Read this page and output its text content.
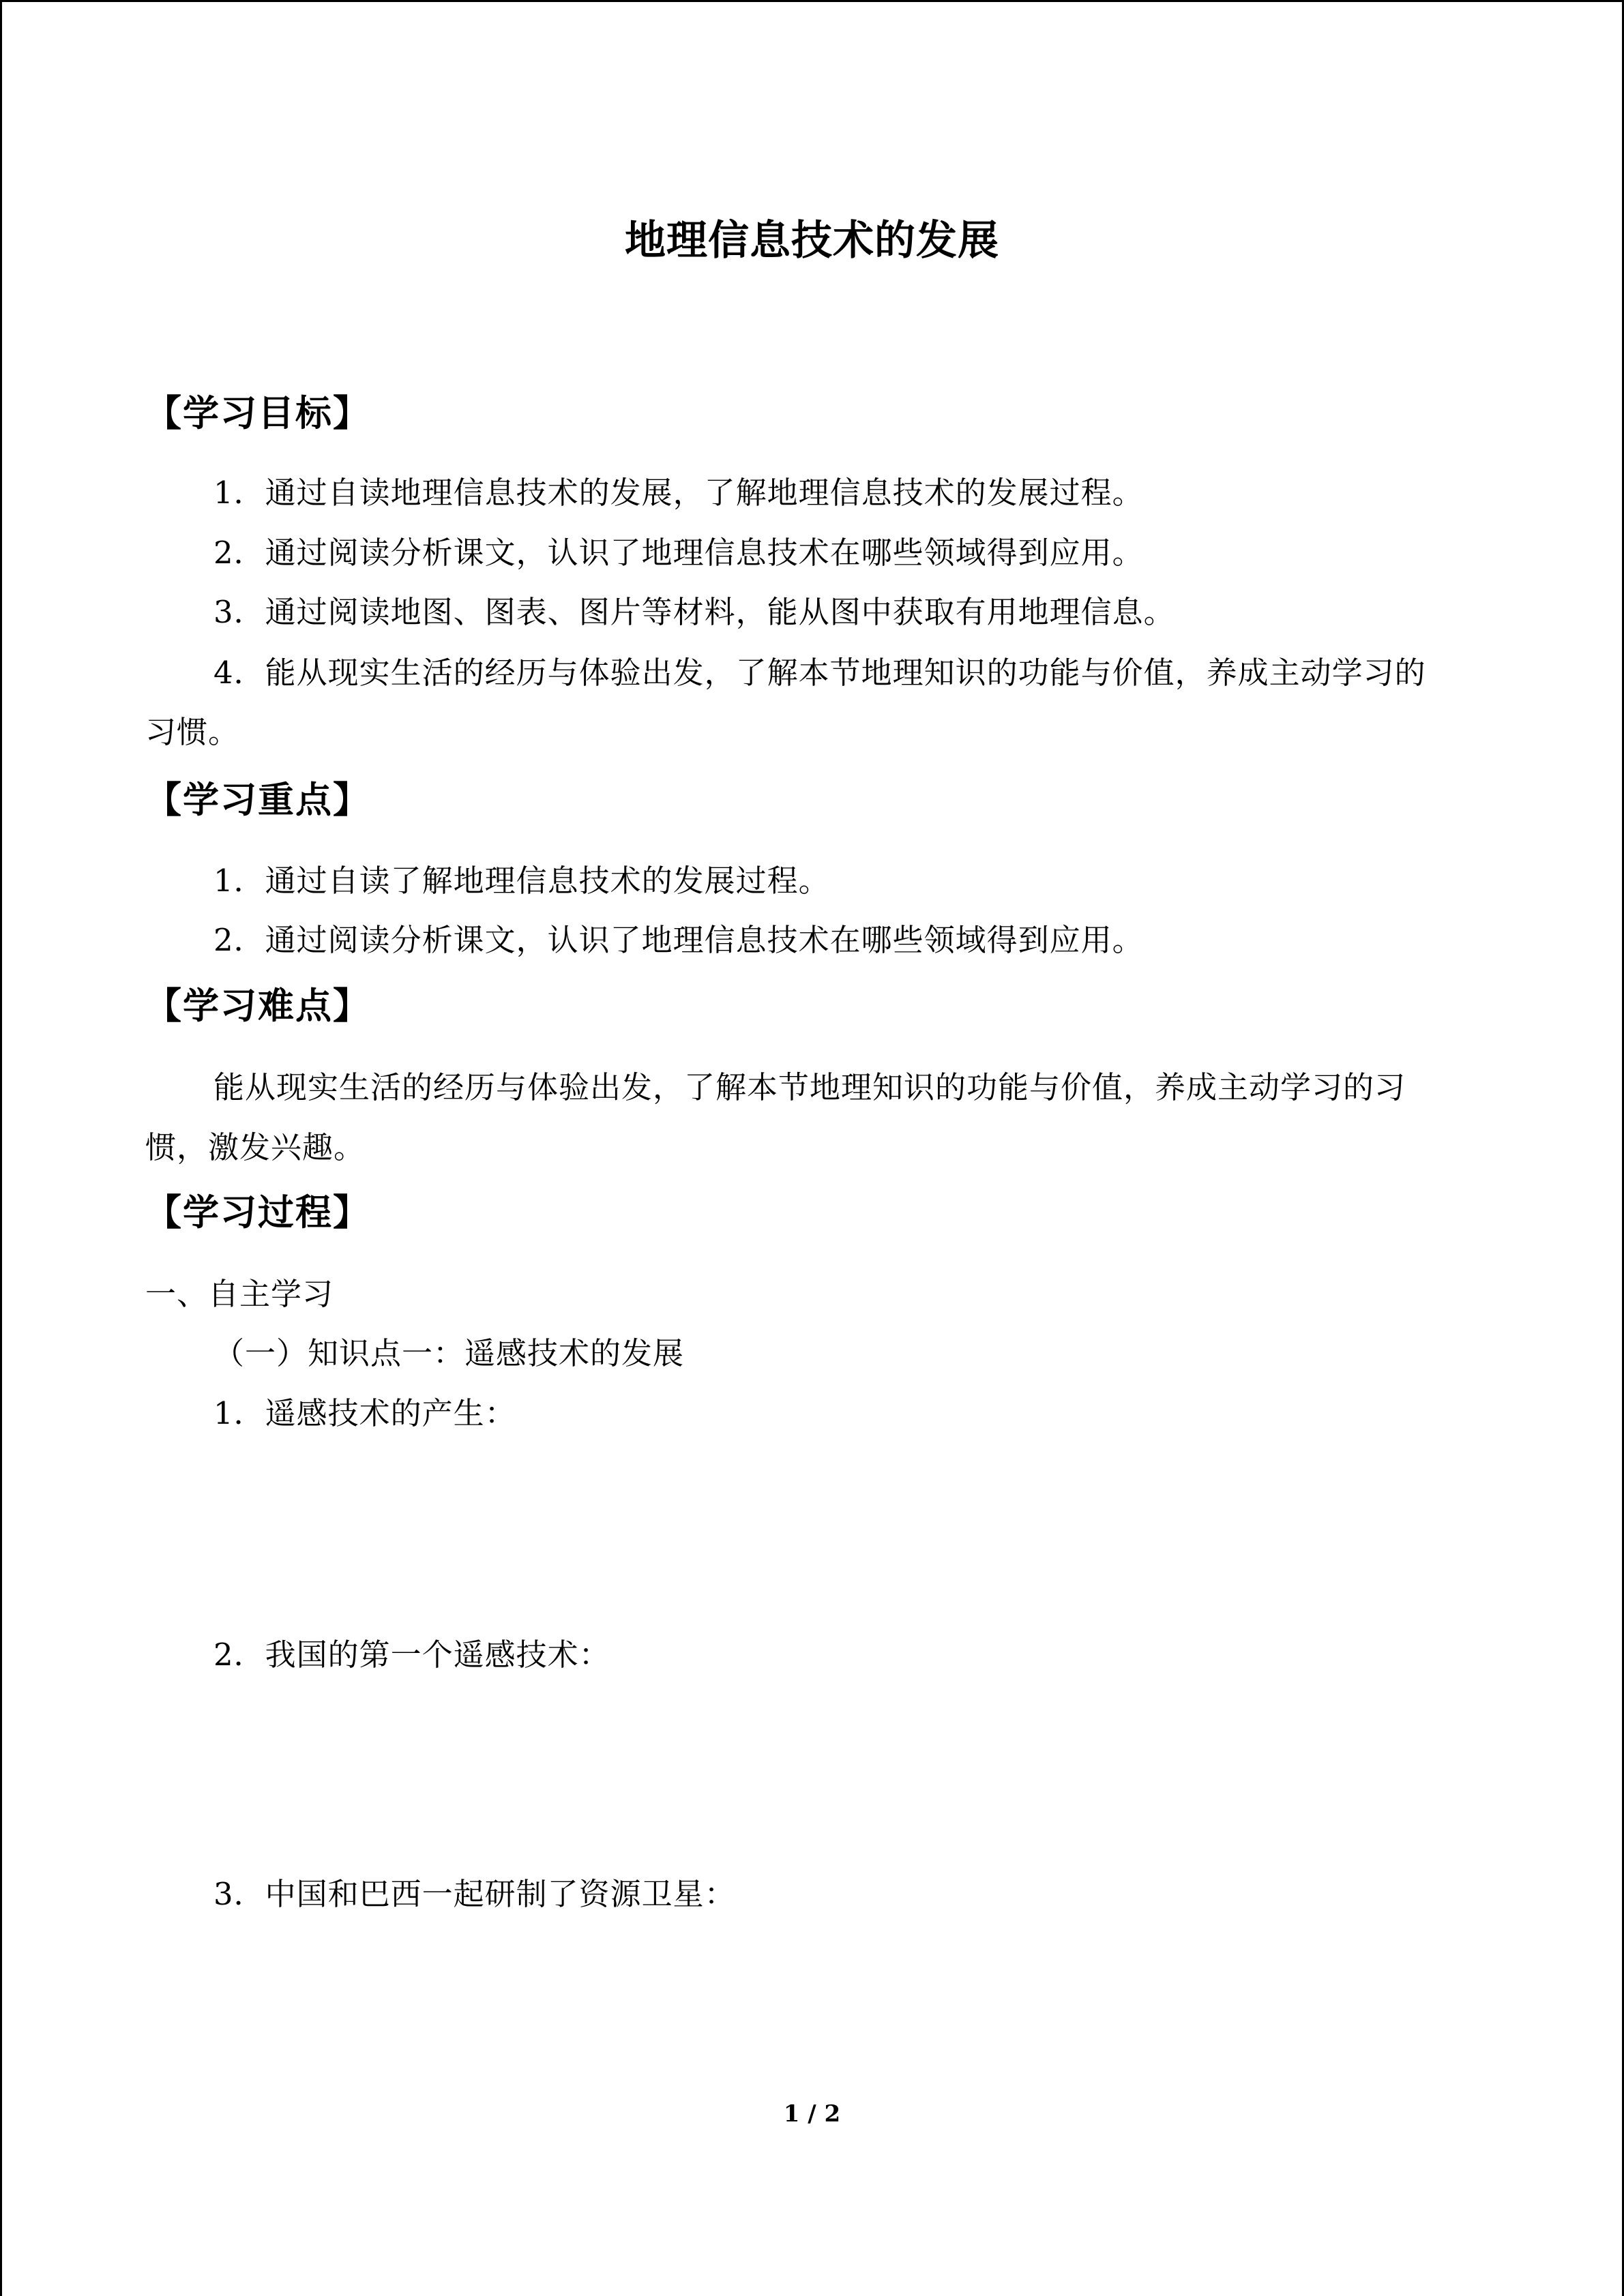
地理信息技术的发展
【学习目标】
1．通过自读地理信息技术的发展，了解地理信息技术的发展过程。
2．通过阅读分析课文，认识了地理信息技术在哪些领域得到应用。
3．通过阅读地图、图表、图片等材料，能从图中获取有用地理信息。
4．能从现实生活的经历与体验出发，了解本节地理知识的功能与价值，养成主动学习的
习惯。
【学习重点】
1．通过自读了解地理信息技术的发展过程。
2．通过阅读分析课文，认识了地理信息技术在哪些领域得到应用。
【学习难点】
能从现实生活的经历与体验出发，了解本节地理知识的功能与价值，养成主动学习的习
惯，激发兴趣。
【学习过程】
一、自主学习
（一）知识点一：遥感技术的发展
1．遥感技术的产生：
2．我国的第一个遥感技术：
3．中国和巴西一起研制了资源卫星：
1 / 2
